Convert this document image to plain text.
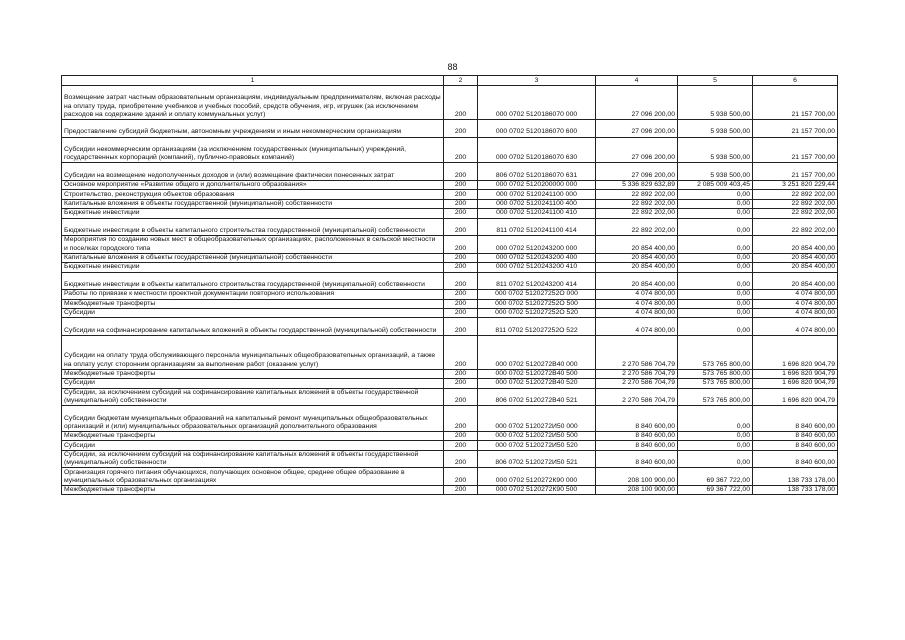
88
1	2	3	4	5	6
Возмещение затрат частным образовательным организациям, индивидуальным предпринимателям, включая расходы на оплату труда, приобретение учебников и учебных пособий, средств обучения, игр, игрушек (за исключением расходов на содержание зданий и оплату коммунальных услуг)	200	000 0702 5120186070 000	27 096 200,00	5 938 500,00	21 157 700,00
Предоставление субсидий бюджетным, автономным учреждениям и иным некоммерческим организациям	200	000 0702 5120186070 600	27 096 200,00	5 938 500,00	21 157 700,00
Субсидии некоммерческим организациям (за исключением государственных (муниципальных) учреждений, государственных корпораций (компаний), публично-правовых компаний)	200	000 0702 5120186070 630	27 096 200,00	5 938 500,00	21 157 700,00
Субсидии на возмещение недополученных доходов и (или) возмещение фактически понесенных затрат	200	806 0702 5120186070 631	27 096 200,00	5 938 500,00	21 157 700,00
Основное мероприятие «Развитие общего и дополнительного образования»	200	000 0702 5120200000 000	5 336 829 632,89	2 085 009 403,45	3 251 820 229,44
Строительство, реконструкция объектов образования	200	000 0702 5120241100 000	22 892 202,00	0,00	22 892 202,00
Капитальные вложения в объекты государственной (муниципальной) собственности	200	000 0702 5120241100 400	22 892 202,00	0,00	22 892 202,00
Бюджетные инвестиции	200	000 0702 5120241100 410	22 892 202,00	0,00	22 892 202,00
Бюджетные инвестиции в объекты капитального строительства государственной (муниципальной) собственности	200	811 0702 5120241100 414	22 892 202,00	0,00	22 892 202,00
Мероприятия по созданию новых мест в общеобразовательных организациях, расположенных в сельской местности и поселках городского типа	200	000 0702 5120243200 000	20 854 400,00	0,00	20 854 400,00
Капитальные вложения в объекты государственной (муниципальной) собственности	200	000 0702 5120243200 400	20 854 400,00	0,00	20 854 400,00
Бюджетные инвестиции	200	000 0702 5120243200 410	20 854 400,00	0,00	20 854 400,00
Бюджетные инвестиции в объекты капитального строительства государственной (муниципальной) собственности	200	811 0702 5120243200 414	20 854 400,00	0,00	20 854 400,00
Работы по привязке к местности проектной документации повторного использования	200	000 0702 512027252О 000	4 074 800,00	0,00	4 074 800,00
Межбюджетные трансферты	200	000 0702 512027252О 500	4 074 800,00	0,00	4 074 800,00
Субсидии	200	000 0702 512027252О 520	4 074 800,00	0,00	4 074 800,00
Субсидии на софинансирование капитальных вложений в объекты государственной (муниципальной) собственности	200	811 0702 512027252О 522	4 074 800,00	0,00	4 074 800,00
Субсидии на оплату труда обслуживающего персонала муниципальных общеобразовательных организаций, а также на оплату услуг сторонним организациям за выполнение работ (оказание услуг)	200	000 0702 5120272В40 000	2 270 586 704,79	573 765 800,00	1 696 820 904,79
Межбюджетные трансферты	200	000 0702 5120272В40 500	2 270 586 704,79	573 765 800,00	1 696 820 904,79
Субсидии	200	000 0702 5120272В40 520	2 270 586 704,79	573 765 800,00	1 696 820 904,79
Субсидии, за исключением субсидий на софинансирование капитальных вложений в объекты государственной (муниципальной) собственности	200	806 0702 5120272В40 521	2 270 586 704,79	573 765 800,00	1 696 820 904,79
Субсидии бюджетам муниципальных образований на капитальный ремонт муниципальных общеобразовательных организаций и (или) муниципальных образовательных организаций дополнительного образования	200	000 0702 5120272И50 000	8 840 600,00	0,00	8 840 600,00
Межбюджетные трансферты	200	000 0702 5120272И50 500	8 840 600,00	0,00	8 840 600,00
Субсидии	200	000 0702 5120272И50 520	8 840 600,00	0,00	8 840 600,00
Субсидии, за исключением субсидий на софинансирование капитальных вложений в объекты государственной (муниципальной) собственности	200	806 0702 5120272И50 521	8 840 600,00	0,00	8 840 600,00
Организация горячего питания обучающихся, получающих основное общее, среднее общее образование в муниципальных образовательных организациях	200	000 0702 5120272К90 000	208 100 900,00	69 367 722,00	138 733 178,00
Межбюджетные трансферты	200	000 0702 5120272К90 500	208 100 900,00	69 367 722,00	138 733 178,00
